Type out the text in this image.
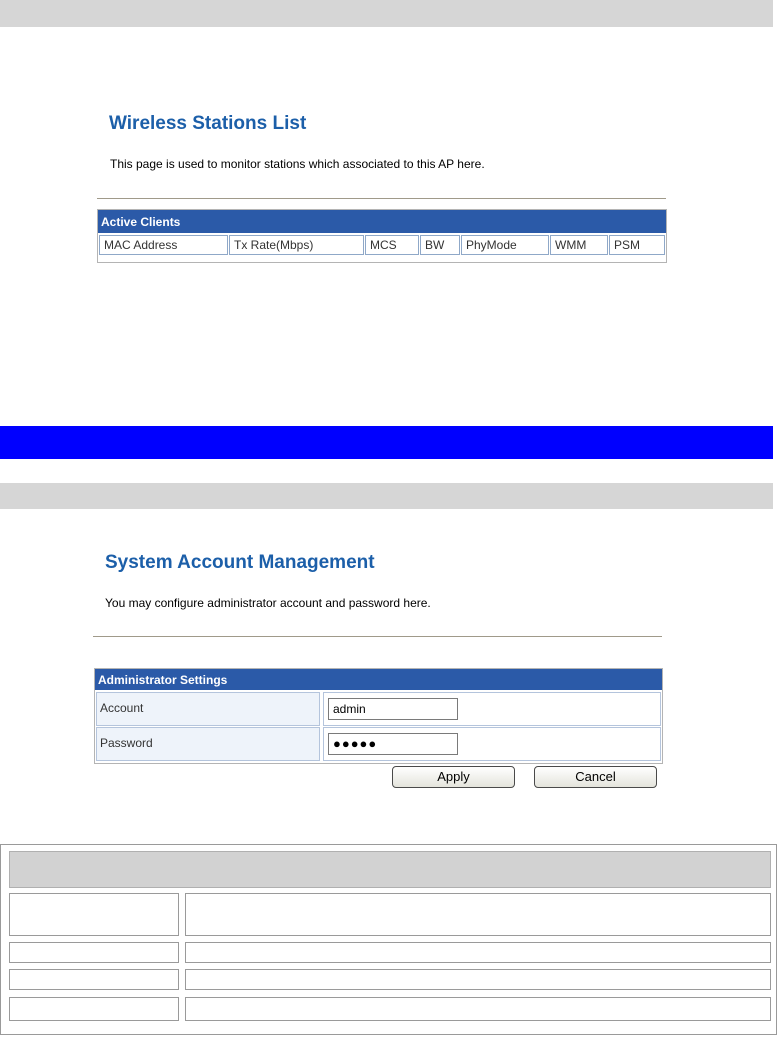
Wireless Stations List
This page is used to monitor stations which associated to this AP here.
Active Clients
MAC Address	Tx Rate(Mbps)	MCS	BW	PhyMode	WMM	PSM
System Account Management
You may configure administrator account and password here.
Administrator Settings
Account	admin
Password	●●●●●
Apply	Cancel
